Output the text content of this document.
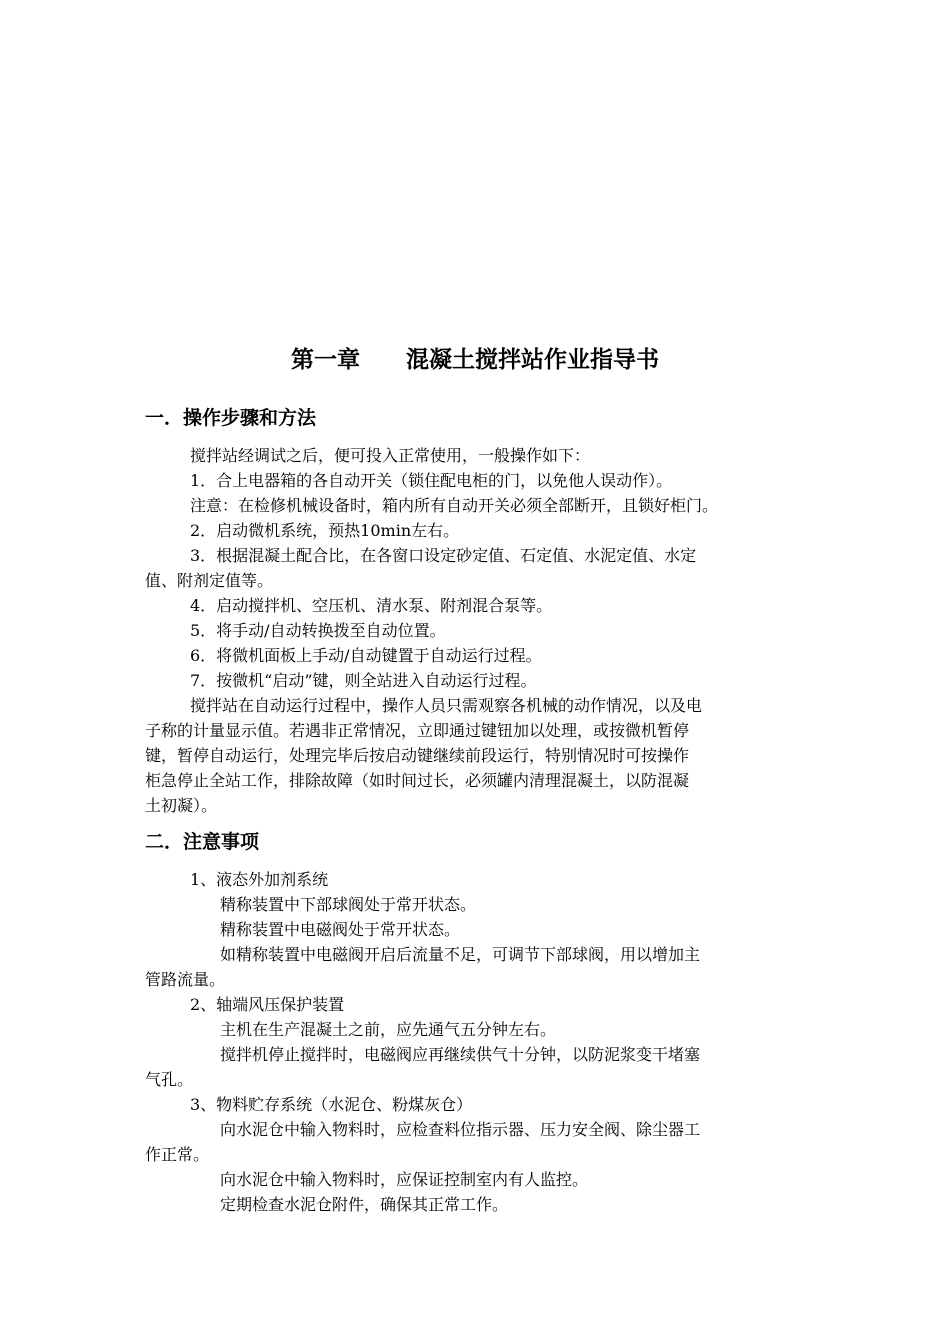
第一章　　混凝土搅拌站作业指导书
一．操作步骤和方法
搅拌站经调试之后，便可投入正常使用，一般操作如下：
1．合上电器箱的各自动开关（锁住配电柜的门，以免他人误动作）。
注意：在检修机械设备时，箱内所有自动开关必须全部断开，且锁好柜门。
2．启动微机系统，预热10min左右。
3．根据混凝土配合比，在各窗口设定砂定值、石定值、水泥定值、水定
值、附剂定值等。
4．启动搅拌机、空压机、清水泵、附剂混合泵等。
5．将手动/自动转换拨至自动位置。
6．将微机面板上手动/自动键置于自动运行过程。
7．按微机“启动”键，则全站进入自动运行过程。
搅拌站在自动运行过程中，操作人员只需观察各机械的动作情况，以及电
子称的计量显示值。若遇非正常情况，立即通过键钮加以处理，或按微机暂停
键，暂停自动运行，处理完毕后按启动键继续前段运行，特别情况时可按操作
柜急停止全站工作，排除故障（如时间过长，必须罐内清理混凝土，以防混凝
土初凝）。
二．注意事项
1、液态外加剂系统
精称装置中下部球阀处于常开状态。
精称装置中电磁阀处于常开状态。
如精称装置中电磁阀开启后流量不足，可调节下部球阀，用以增加主
管路流量。
2、轴端风压保护装置
主机在生产混凝土之前，应先通气五分钟左右。
搅拌机停止搅拌时，电磁阀应再继续供气十分钟，以防泥浆变干堵塞
气孔。
3、物料贮存系统（水泥仓、粉煤灰仓）
向水泥仓中输入物料时，应检查料位指示器、压力安全阀、除尘器工
作正常。
向水泥仓中输入物料时，应保证控制室内有人监控。
定期检查水泥仓附件，确保其正常工作。
